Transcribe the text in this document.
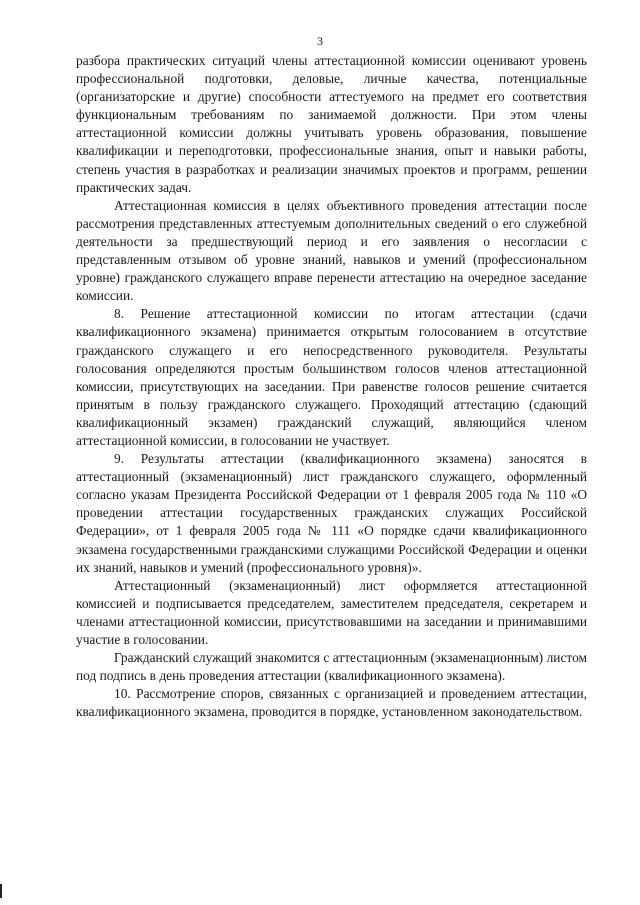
3

разбора практических ситуаций члены аттестационной комиссии оценивают уровень профессиональной подготовки, деловые, личные качества, потенциальные (организаторские и другие) способности аттестуемого на предмет его соответствия функциональным требованиям по занимаемой должности. При этом члены аттестационной комиссии должны учитывать уровень образования, повышение квалификации и переподготовки, профессиональные знания, опыт и навыки работы, степень участия в разработках и реализации значимых проектов и программ, решении практических задач.

Аттестационная комиссия в целях объективного проведения аттестации после рассмотрения представленных аттестуемым дополнительных сведений о его служебной деятельности за предшествующий период и его заявления о несогласии с представленным отзывом об уровне знаний, навыков и умений (профессиональном уровне) гражданского служащего вправе перенести аттестацию на очередное заседание комиссии.

8. Решение аттестационной комиссии по итогам аттестации (сдачи квалификационного экзамена) принимается открытым голосованием в отсутствие гражданского служащего и его непосредственного руководителя. Результаты голосования определяются простым большинством голосов членов аттестационной комиссии, присутствующих на заседании. При равенстве голосов решение считается принятым в пользу гражданского служащего. Проходящий аттестацию (сдающий квалификационный экзамен) гражданский служащий, являющийся членом аттестационной комиссии, в голосовании не участвует.

9. Результаты аттестации (квалификационного экзамена) заносятся в аттестационный (экзаменационный) лист гражданского служащего, оформленный согласно указам Президента Российской Федерации от 1 февраля 2005 года № 110 «О проведении аттестации государственных гражданских служащих Российской Федерации», от 1 февраля 2005 года № 111 «О порядке сдачи квалификационного экзамена государственными гражданскими служащими Российской Федерации и оценки их знаний, навыков и умений (профессионального уровня)».

Аттестационный (экзаменационный) лист оформляется аттестационной комиссией и подписывается председателем, заместителем председателя, секретарем и членами аттестационной комиссии, присутствовавшими на заседании и принимавшими участие в голосовании.

Гражданский служащий знакомится с аттестационным (экзаменационным) листом под подпись в день проведения аттестации (квалификационного экзамена).

10. Рассмотрение споров, связанных с организацией и проведением аттестации, квалификационного экзамена, проводится в порядке, установленном законодательством.
